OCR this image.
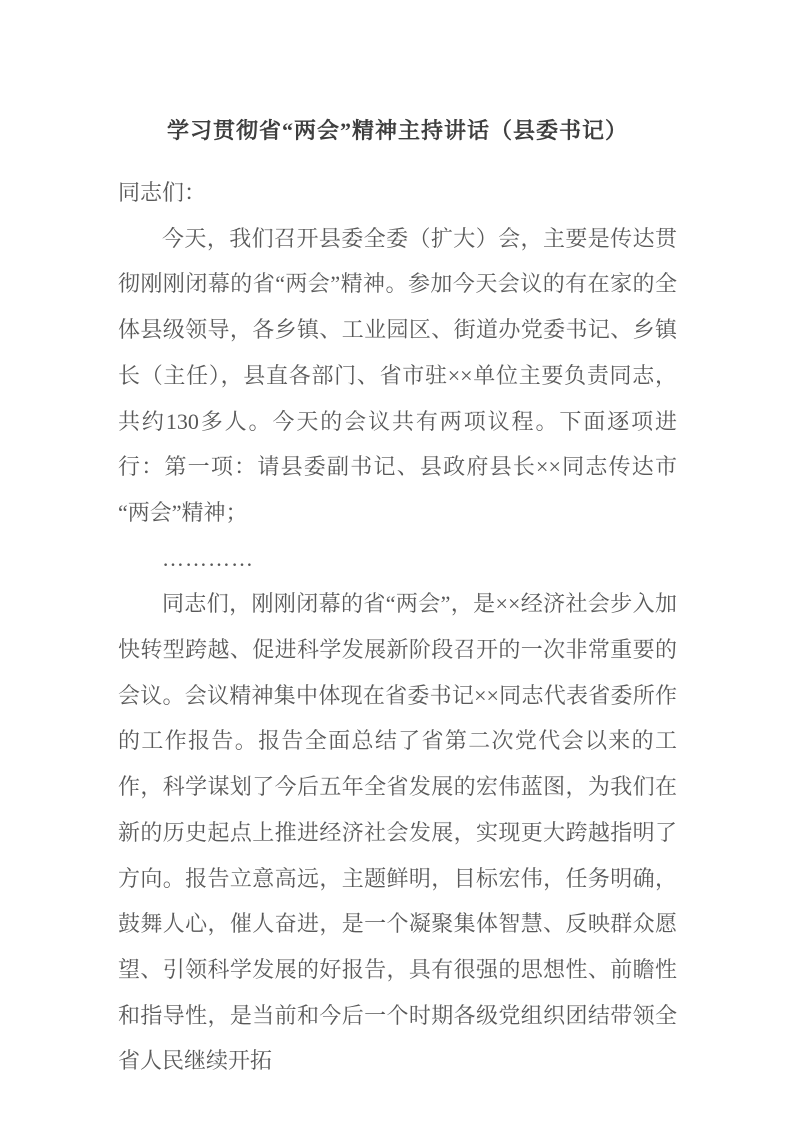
学习贯彻省“两会”精神主持讲话（县委书记）

同志们：

今天，我们召开县委全委（扩大）会，主要是传达贯彻刚刚闭幕的省“两会”精神。参加今天会议的有在家的全体县级领导，各乡镇、工业园区、街道办党委书记、乡镇长（主任），县直各部门、省市驻××单位主要负责同志，共约130多人。今天的会议共有两项议程。下面逐项进行：第一项：请县委副书记、县政府县长××同志传达市“两会”精神；

…………

同志们，刚刚闭幕的省“两会”，是××经济社会步入加快转型跨越、促进科学发展新阶段召开的一次非常重要的会议。会议精神集中体现在省委书记××同志代表省委所作的工作报告。报告全面总结了省第二次党代会以来的工作，科学谋划了今后五年全省发展的宏伟蓝图，为我们在新的历史起点上推进经济社会发展，实现更大跨越指明了方向。报告立意高远，主题鲜明，目标宏伟，任务明确，鼓舞人心，催人奋进，是一个凝聚集体智慧、反映群众愿望、引领科学发展的好报告，具有很强的思想性、前瞻性和指导性，是当前和今后一个时期各级党组织团结带领全省人民继续开拓
